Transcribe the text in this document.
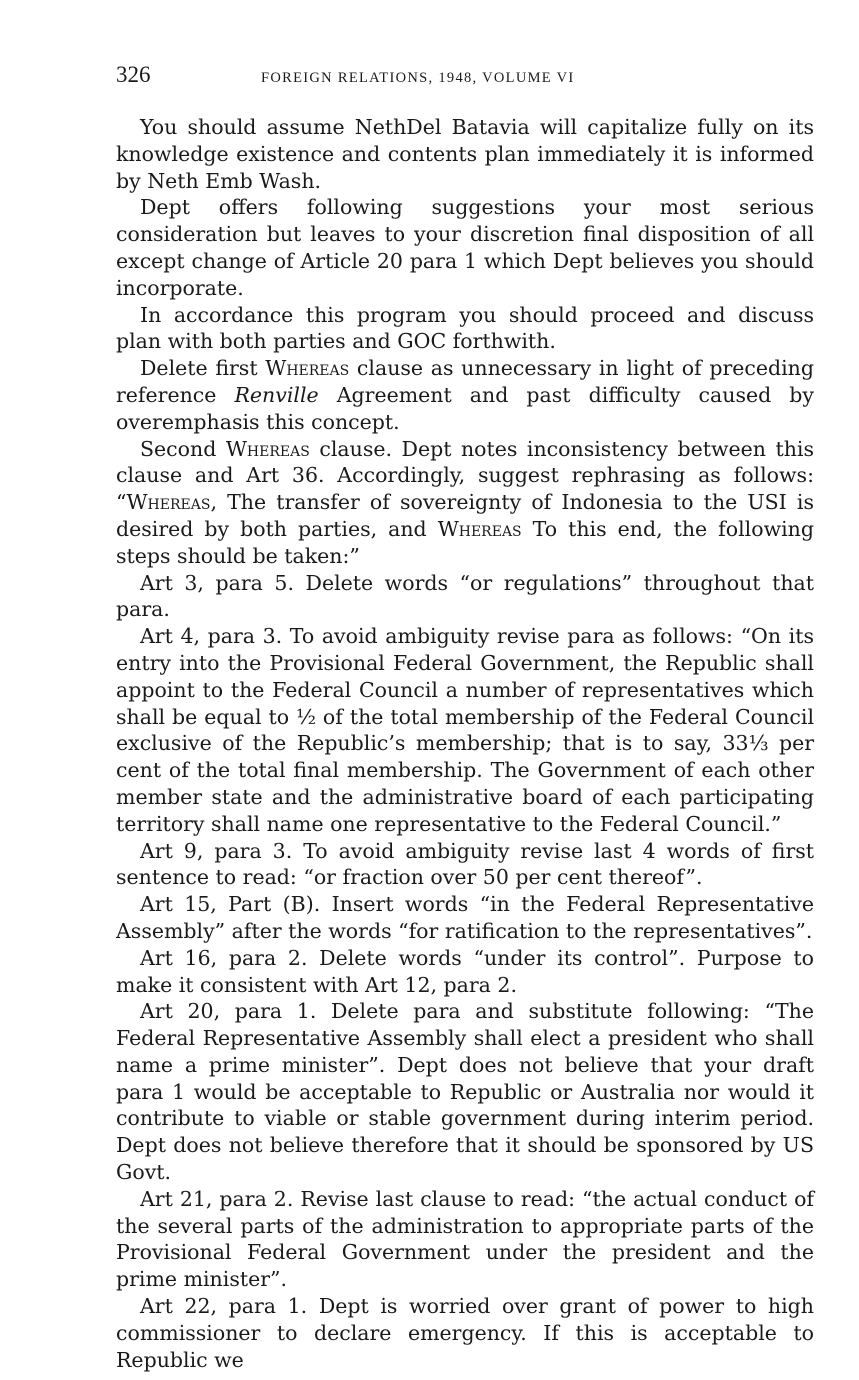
326	FOREIGN RELATIONS, 1948, VOLUME VI

You should assume NethDel Batavia will capitalize fully on its knowledge existence and contents plan immediately it is informed by Neth Emb Wash.

Dept offers following suggestions your most serious consideration but leaves to your discretion final disposition of all except change of Article 20 para 1 which Dept believes you should incorporate.

In accordance this program you should proceed and discuss plan with both parties and GOC forthwith.

Delete first Whereas clause as unnecessary in light of preceding reference Renville Agreement and past difficulty caused by overemphasis this concept.

Second Whereas clause. Dept notes inconsistency between this clause and Art 36. Accordingly, suggest rephrasing as follows: “Whereas, The transfer of sovereignty of Indonesia to the USI is desired by both parties, and Whereas To this end, the following steps should be taken:”

Art 3, para 5. Delete words “or regulations” throughout that para.

Art 4, para 3. To avoid ambiguity revise para as follows: “On its entry into the Provisional Federal Government, the Republic shall appoint to the Federal Council a number of representatives which shall be equal to ½ of the total membership of the Federal Council exclusive of the Republic’s membership; that is to say, 33⅓ per cent of the total final membership. The Government of each other member state and the administrative board of each participating territory shall name one representative to the Federal Council.”

Art 9, para 3. To avoid ambiguity revise last 4 words of first sentence to read: “or fraction over 50 per cent thereof”.

Art 15, Part (B). Insert words “in the Federal Representative Assembly” after the words “for ratification to the representatives”.

Art 16, para 2. Delete words “under its control”. Purpose to make it consistent with Art 12, para 2.

Art 20, para 1. Delete para and substitute following: “The Federal Representative Assembly shall elect a president who shall name a prime minister”. Dept does not believe that your draft para 1 would be acceptable to Republic or Australia nor would it contribute to viable or stable government during interim period. Dept does not believe therefore that it should be sponsored by US Govt.

Art 21, para 2. Revise last clause to read: “the actual conduct of the several parts of the administration to appropriate parts of the Provisional Federal Government under the president and the prime minister”.

Art 22, para 1. Dept is worried over grant of power to high commissioner to declare emergency. If this is acceptable to Republic we
